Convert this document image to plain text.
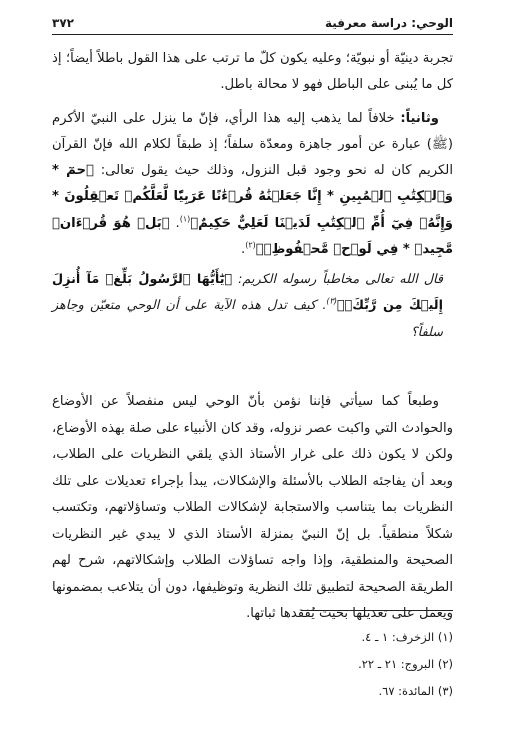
الوحي: دراسة معرفية
٣٧٢

تجربة دينيّة أو نبويّة؛ وعليه يكون كلّ ما ترتب على هذا القول باطلاً أيضاً؛ إذ كل ما يُبنى على الباطل فهو لا محالة باطل.

وثانياً: خلافاً لما يذهب إليه هذا الرأي، فإنّ ما ينزل على النبيّ الأكرم (ﷺ) عبارة عن أمور جاهزة ومعدّة سلفاً؛ إذ طبقاً لكلام الله فإنّ القرآن الكريم كان له نحو وجود قبل النزول، وذلك حيث يقول تعالى: ﴿حمٓ * وَٱلۡكِتَٰبِ ٱلۡمُبِينِ * إِنَّا جَعَلۡنَٰهُ قُرۡءَٰنًا عَرَبِيّٗا لَّعَلَّكُمۡ تَعۡقِلُونَ * وَإِنَّهُۥ فِيٓ أُمِّ ٱلۡكِتَٰبِ لَدَيۡنَا لَعَلِيٌّ حَكِيمٌ﴾$^{(١)}$. ﴿بَلۡ هُوَ قُرۡءَانٞ مَّجِيدٞ * فِي لَوۡحٖ مَّحۡفُوظِۭ﴾$^{(٢)}$.

قال الله تعالى مخاطباً رسوله الكريم: ﴿يَٰٓأَيُّهَا ٱلرَّسُولُ بَلِّغۡ مَآ أُنزِلَ إِلَيۡكَ مِن رَّبِّكَۖ﴾$^{(٣)}$. كيف تدل هذه الآية على أن الوحي متعيّن وجاهز سلفاً؟

وطبعاً كما سيأتي فإننا نؤمن بأنّ الوحي ليس منفصلاً عن الأوضاع والحوادث التي واكبت عصر نزوله، وقد كان الأنبياء على صلة بهذه الأوضاع، ولكن لا يكون ذلك على غرار الأستاذ الذي يلقي النظريات على الطلاب، وبعد أن يفاجئه الطلاب بالأسئلة والإشكالات، يبدأ بإجراء تعديلات على تلك النظريات بما يتناسب والاستجابة لإشكالات الطلاب وتساؤلاتهم، وتكتسب شكلاً منطقياً. بل إنّ النبيّ بمنزلة الأستاذ الذي لا يبدي غير النظريات الصحيحة والمنطقية، وإذا واجه تساؤلات الطلاب وإشكالاتهم، شرح لهم الطريقة الصحيحة لتطبيق تلك النظرية وتوظيفها، دون أن يتلاعب بمضمونها ويعمل على تعديلها بحيث يُفقدها ثباتها.

(١) الزخرف: ١ ـ ٤.
(٢) البروج: ٢١ ـ ٢٢.
(٣) المائدة: ٦٧.
